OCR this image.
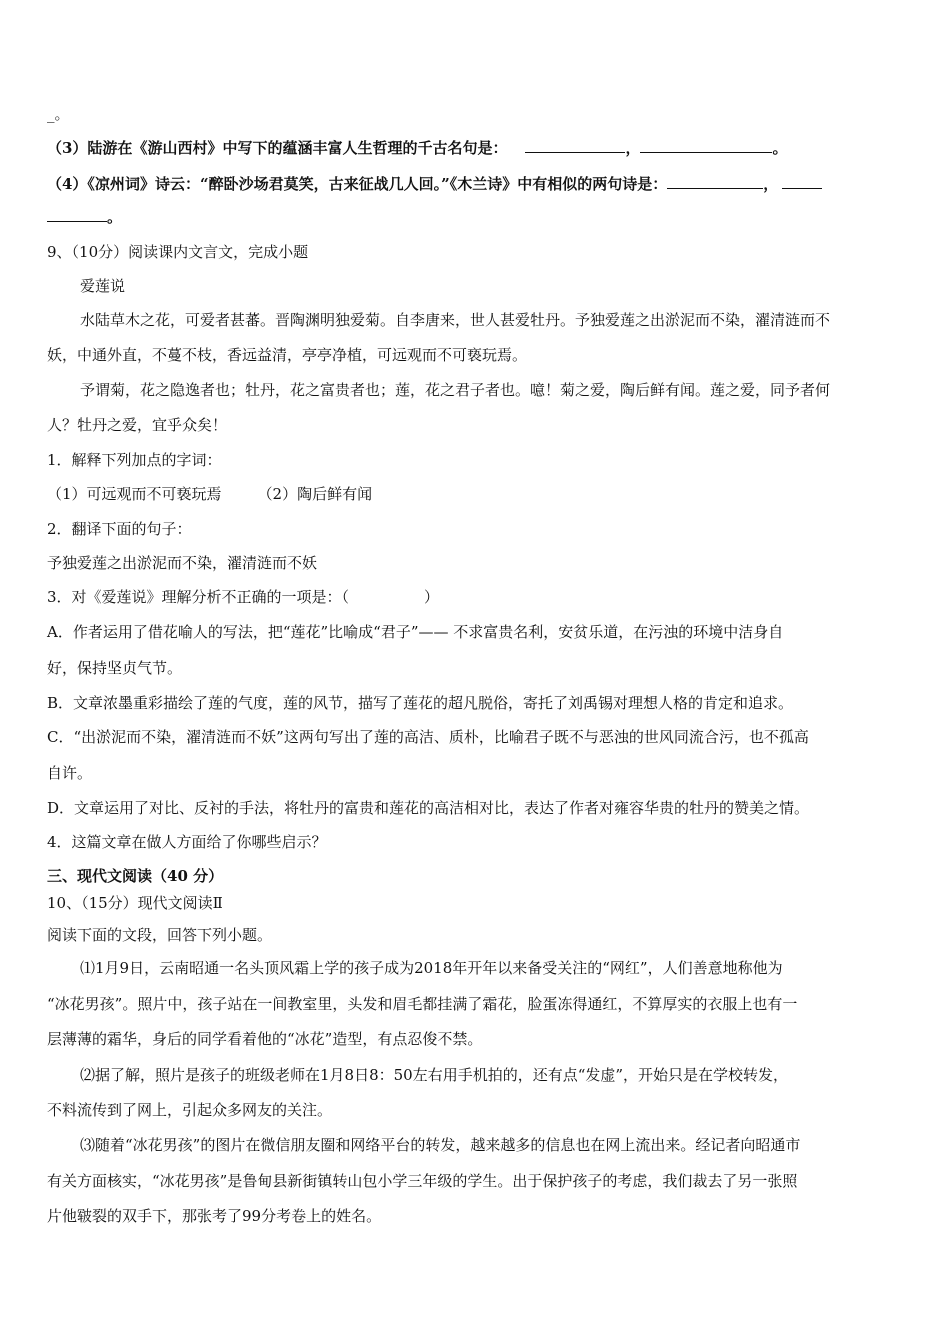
_。
（3）陆游在《游山西村》中写下的蕴涵丰富人生哲理的千古名句是：	，	。
（4）《凉州词》诗云：“醉卧沙场君莫笑，古来征战几人回。”《木兰诗》中有相似的两句诗是：	，
。
9、（10分）阅读课内文言文，完成小题
爱莲说
水陆草木之花，可爱者甚蕃。晋陶渊明独爱菊。自李唐来，世人甚爱牡丹。予独爱莲之出淤泥而不染，濯清涟而不
妖，中通外直，不蔓不枝，香远益清，亭亭净植，可远观而不可亵玩焉。
予谓菊，花之隐逸者也；牡丹，花之富贵者也；莲，花之君子者也。噫！菊之爱，陶后鲜有闻。莲之爱，同予者何
人？牡丹之爱，宜乎众矣！
1．解释下列加点的字词：
（1）可远观而不可亵玩焉 （2）陶后鲜有闻
2．翻译下面的句子：
予独爱莲之出淤泥而不染，濯清涟而不妖
3．对《爱莲说》理解分析不正确的一项是：（　　　　　）
A．作者运用了借花喻人的写法，把“莲花”比喻成“君子”—— 不求富贵名利，安贫乐道，在污浊的环境中洁身自
好，保持坚贞气节。
B．文章浓墨重彩描绘了莲的气度，莲的风节，描写了莲花的超凡脱俗，寄托了刘禹锡对理想人格的肯定和追求。
C．“出淤泥而不染，濯清涟而不妖”这两句写出了莲的高洁、质朴，比喻君子既不与恶浊的世风同流合污，也不孤高
自许。
D．文章运用了对比、反衬的手法，将牡丹的富贵和莲花的高洁相对比，表达了作者对雍容华贵的牡丹的赞美之情。
4．这篇文章在做人方面给了你哪些启示？
三、现代文阅读（40 分）
10、（15分）现代文阅读Ⅱ
阅读下面的文段，回答下列小题。
⑴1月9日，云南昭通一名头顶风霜上学的孩子成为2018年开年以来备受关注的“网红”，人们善意地称他为
“冰花男孩”。照片中，孩子站在一间教室里，头发和眉毛都挂满了霜花，脸蛋冻得通红，不算厚实的衣服上也有一
层薄薄的霜华，身后的同学看着他的“冰花”造型，有点忍俊不禁。
⑵据了解，照片是孩子的班级老师在1月8日8：50左右用手机拍的，还有点“发虚”，开始只是在学校转发，
不料流传到了网上，引起众多网友的关注。
⑶随着“冰花男孩”的图片在微信朋友圈和网络平台的转发，越来越多的信息也在网上流出来。经记者向昭通市
有关方面核实，“冰花男孩”是鲁甸县新街镇转山包小学三年级的学生。出于保护孩子的考虑，我们裁去了另一张照
片他皲裂的双手下，那张考了99分考卷上的姓名。
